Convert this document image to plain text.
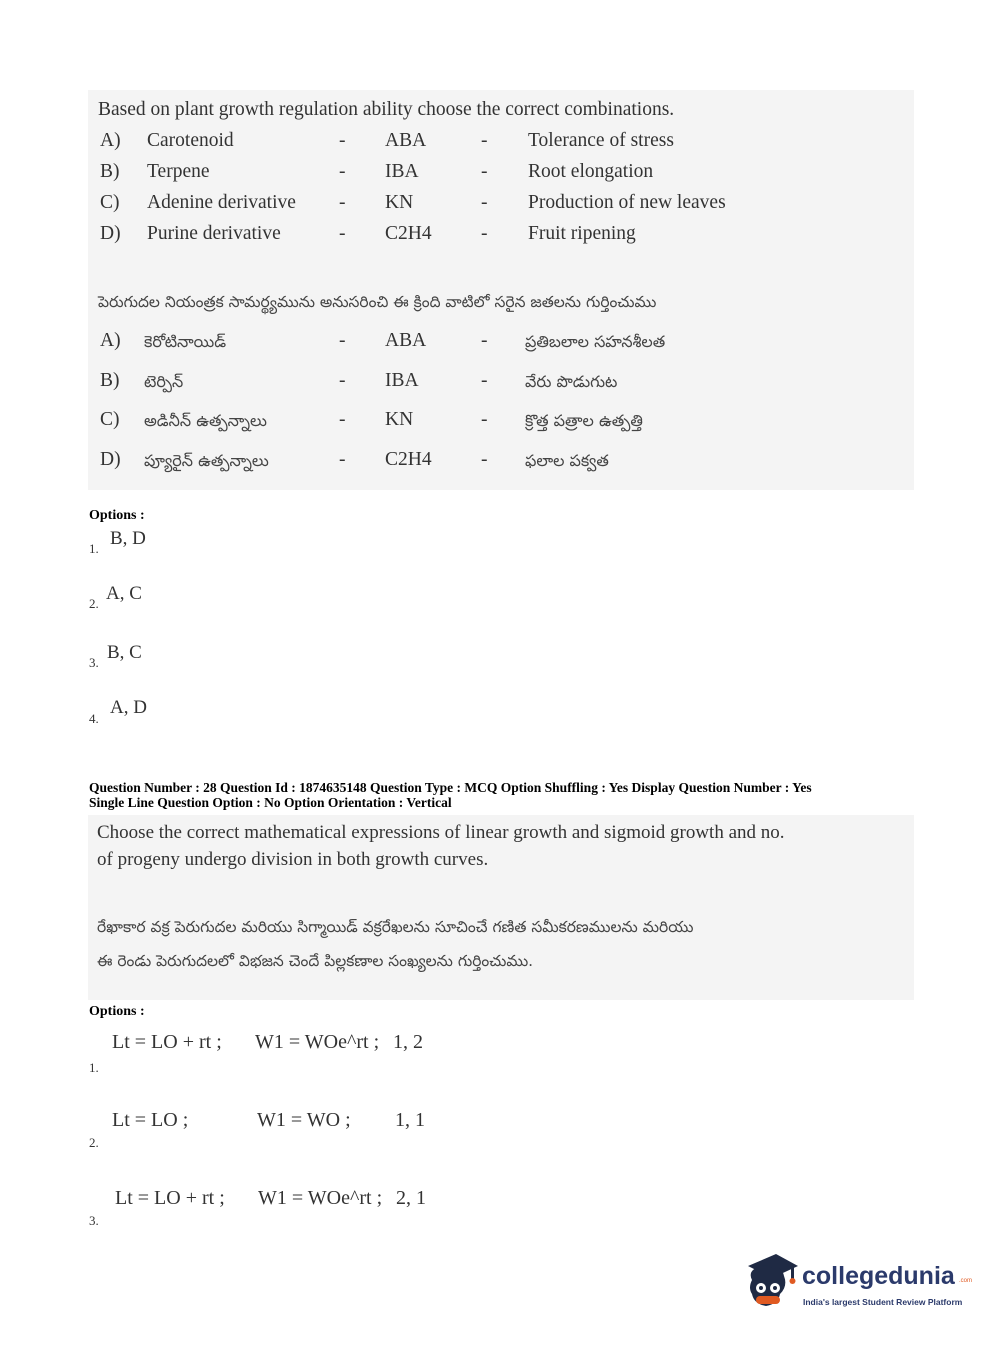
Based on plant growth regulation ability choose the correct combinations.
A) Carotenoid	- ABA	- Tolerance of stress
B) Terpene	- IBA	- Root elongation
C) Adenine derivative - KN	- Production of new leaves
D) Purine derivative	- C2H4	- Fruit ripening
పెరుగుదల నియంత్రక సామర్థ్యమును అనుసరించి ఈ క్రింది వాటిలో సరైన జతలను గుర్తించుము
A) కెరోటినాయిడ్	- ABA	- ప్రతిబలాల సహనశీలత
B) టెర్పిన్	- IBA	- వేరు పొడుగుట
C) అడినీన్ ఉత్పన్నాలు	- KN	- క్రొత్త పత్రాల ఉత్పత్తి
D) ప్యూరైన్ ఉత్పన్నాలు	- C2H4	- ఫలాల పక్వత
Options :
1. B, D
2. A, C
3. B, C
4.
A, D
Question Number : 28 Question Id : 1874635148 Question Type : MCQ Option Shuffling : Yes Display Question Number : Yes
Single Line Question Option : No Option Orientation : Vertical
Choose the correct mathematical expressions of linear growth and sigmoid growth and no.
of progeny undergo division in both growth curves.
రేఖాకార వక్ర పెరుగుదల మరియు సిగ్మాయిడ్ వక్రరేఖలను సూచించే గణిత సమీకరణములను మరియు
ఈ రెండు పెరుగుదలలో విభజన చెందే పిల్లకణాల సంఖ్యలను గుర్తించుము.
Options :
1.
Lt = LO + rt ; W1 = WOe^rt ; 1, 2
2.
Lt = LO ;	W1 = WO ; 1, 1
3.
Lt = LO + rt ; W1 = WOe^rt ; 2, 1
collegedunia .com
India's largest Student Review Platform
